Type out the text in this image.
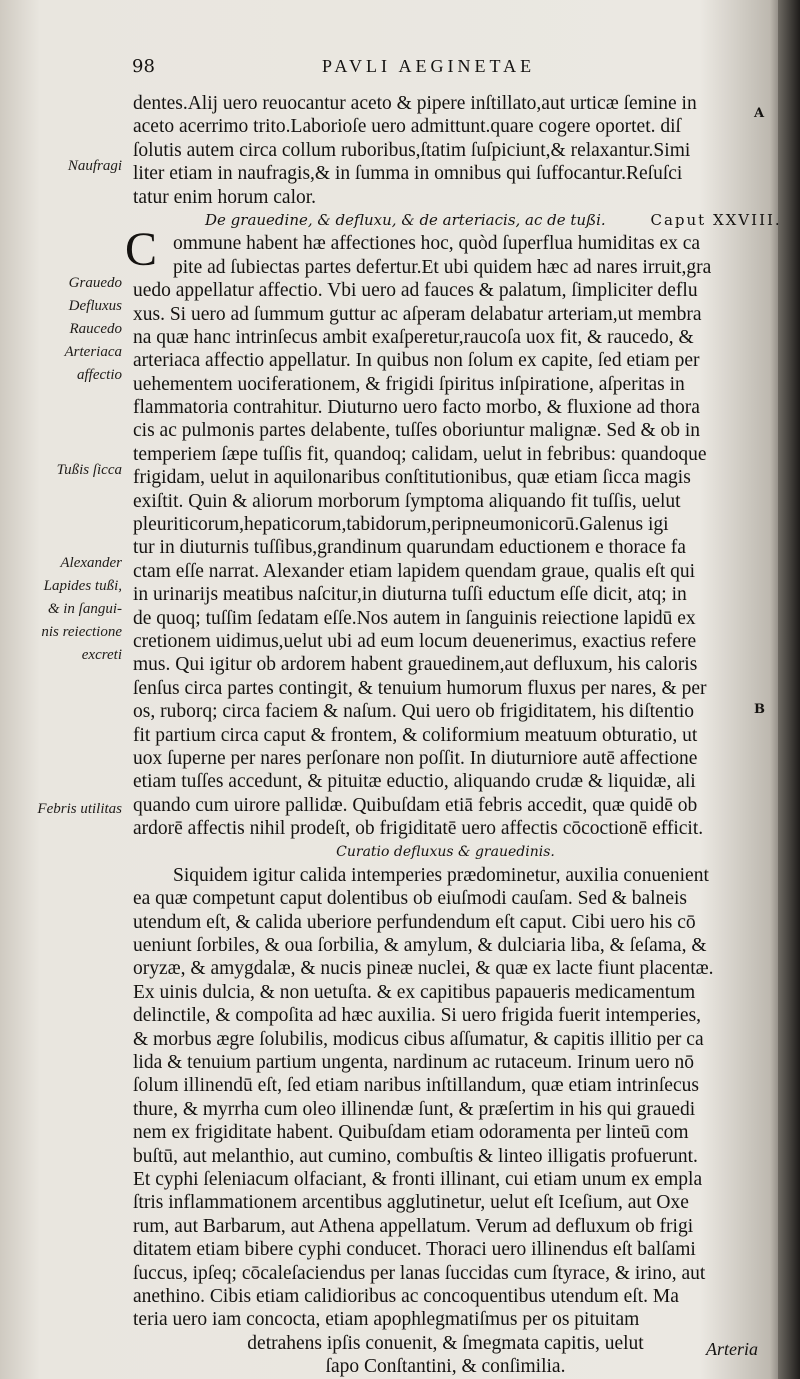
98	PAVLI AEGINETAE
dentes.Alij uero reuocantur aceto & pipere inſtillato,aut urticæ ſemine in
aceto acerrimo trito.Laborioſe uero admittunt.quare cogere oportet. diſ
ſolutis autem circa collum ruboribus,ſtatim ſuſpiciunt,& relaxantur.Simi
liter etiam in naufragis,& in ſumma in omnibus qui ſuffocantur.Reſuſci
tatur enim horum calor.
De grauedine, & defluxu, & de arteriacis, ac de tußi.	Caput XXVIII.
C ommune habent hæ affectiones hoc, quòd ſuperflua humiditas ex ca
pite ad ſubiectas partes defertur.Et ubi quidem hæc ad nares irruit,gra
uedo appellatur affectio. Vbi uero ad fauces & palatum, ſimpliciter deflu
xus. Si uero ad ſummum guttur ac aſperam delabatur arteriam,ut membra
na quæ hanc intrinſecus ambit exaſperetur,raucoſa uox fit, & raucedo, &
arteriaca affectio appellatur. In quibus non ſolum ex capite, ſed etiam per
uehementem uociferationem, & frigidi ſpiritus inſpiratione, aſperitas in
flammatoria contrahitur. Diuturno uero facto morbo, & fluxione ad thora
cis ac pulmonis partes delabente, tuſſes oboriuntur malignæ. Sed & ob in
temperiem ſæpe tuſſis fit, quandoq; calidam, uelut in febribus: quandoque
frigidam, uelut in aquilonaribus conſtitutionibus, quæ etiam ſicca magis
exiſtit. Quin & aliorum morborum ſymptoma aliquando fit tuſſis, uelut
pleuriticorum,hepaticorum,tabidorum,peripneumonicorū.Galenus igi
tur in diuturnis tuſſibus,grandinum quarundam eductionem e thorace fa
ctam eſſe narrat. Alexander etiam lapidem quendam graue, qualis eſt qui
in urinarijs meatibus naſcitur,in diuturna tuſſi eductum eſſe dicit, atq; in
de quoq; tuſſim ſedatam eſſe.Nos autem in ſanguinis reiectione lapidū ex
cretionem uidimus,uelut ubi ad eum locum deuenerimus, exactius refere
mus. Qui igitur ob ardorem habent grauedinem,aut defluxum, his caloris
ſenſus circa partes contingit, & tenuium humorum fluxus per nares, & per
os, ruborq; circa faciem & naſum. Qui uero ob frigiditatem, his diſtentio
fit partium circa caput & frontem, & coliformium meatuum obturatio, ut
uox ſuperne per nares perſonare non poſſit. In diuturniore autē affectione
etiam tuſſes accedunt, & pituitæ eductio, aliquando crudæ & liquidæ, ali
quando cum uirore pallidæ. Quibuſdam etiā febris accedit, quæ quidē ob
ardorē affectis nihil prodeſt, ob frigiditatē uero affectis cōcoctionē efficit.
Curatio defluxus & grauedinis.
Siquidem igitur calida intemperies prædominetur, auxilia conuenient
ea quæ competunt caput dolentibus ob eiuſmodi cauſam. Sed & balneis
utendum eſt, & calida uberiore perfundendum eſt caput. Cibi uero his cō
ueniunt ſorbiles, & oua ſorbilia, & amylum, & dulciaria liba, & ſeſama, &
oryzæ, & amygdalæ, & nucis pineæ nuclei, & quæ ex lacte fiunt placentæ.
Ex uinis dulcia, & non uetuſta. & ex capitibus papaueris medicamentum
delinctile, & compoſita ad hæc auxilia. Si uero frigida fuerit intemperies,
& morbus ægre ſolubilis, modicus cibus aſſumatur, & capitis illitio per ca
lida & tenuium partium ungenta, nardinum ac rutaceum. Irinum uero nō
ſolum illinendū eſt, ſed etiam naribus inſtillandum, quæ etiam intrinſecus
thure, & myrrha cum oleo illinendæ ſunt, & præſertim in his qui grauedi
nem ex frigiditate habent. Quibuſdam etiam odoramenta per linteū com
buſtū, aut melanthio, aut cumino, combuſtis & linteo illigatis profuerunt.
Et cyphi ſeleniacum olfaciant, & fronti illinant, cui etiam unum ex empla
ſtris inflammationem arcentibus agglutinetur, uelut eſt Iceſium, aut Oxe
rum, aut Barbarum, aut Athena appellatum. Verum ad defluxum ob frigi
ditatem etiam bibere cyphi conducet. Thoraci uero illinendus eſt balſami
ſuccus, ipſeq; cōcaleſaciendus per lanas ſuccidas cum ſtyrace, & irino, aut
anethino. Cibis etiam calidioribus ac concoquentibus utendum eſt. Ma
teria uero iam concocta, etiam apophlegmatiſmus per os pituitam
detrahens ipſis conuenit, & ſmegmata capitis, uelut
ſapo Conſtantini, & conſimilia.
Naufragi
Grauedo
Defluxus
Raucedo
Arteriaca
affectio
Tußis ſicca
Alexander
Lapides tußi,
& in ſangui-
nis reiectione
excreti
Febris utilitas
A
B
Arteria
